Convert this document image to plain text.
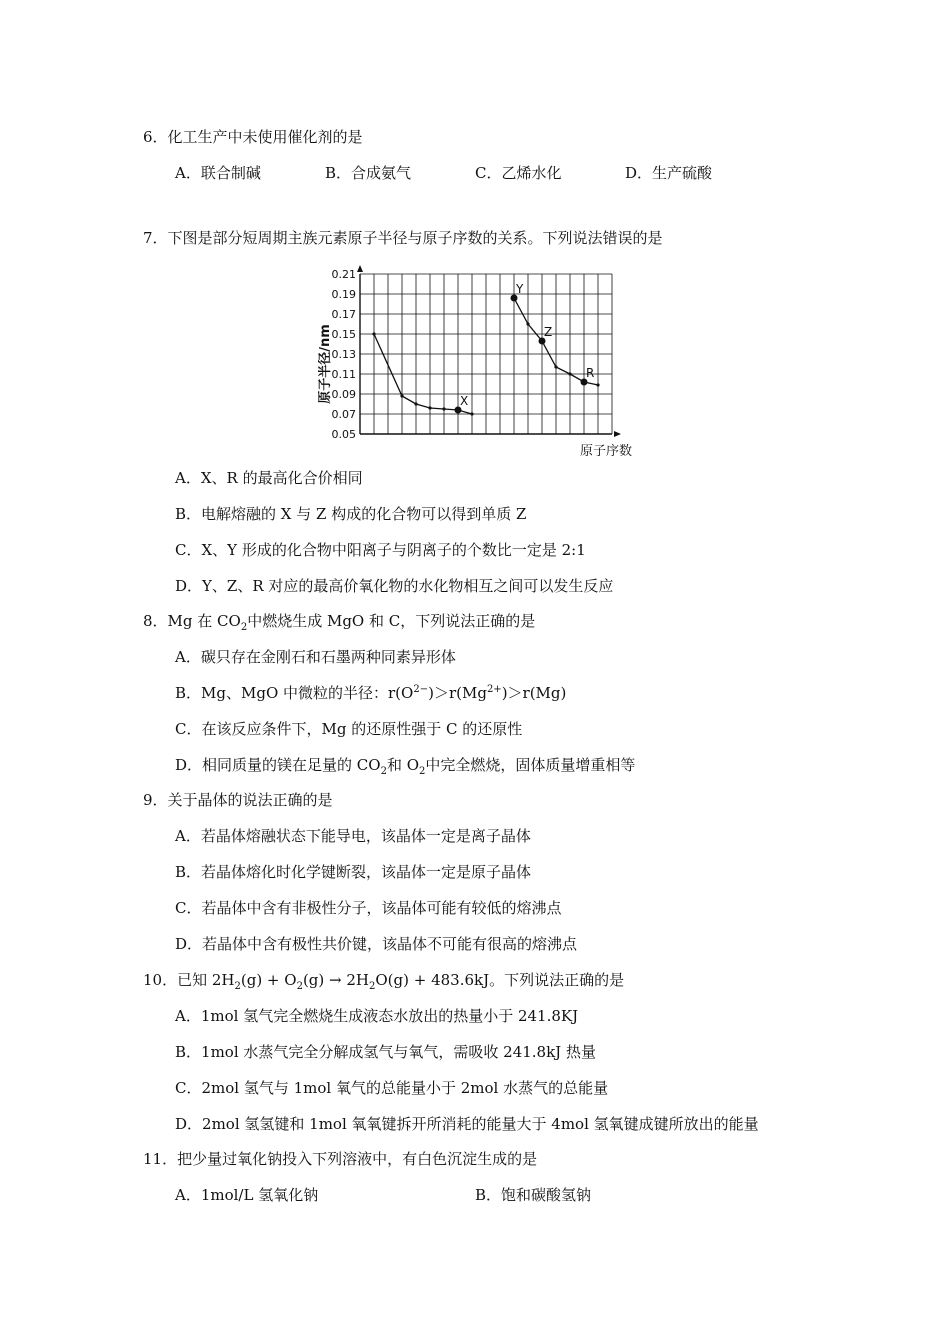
6．化工生产中未使用催化剂的是
A．联合制碱	B．合成氨气	C．乙烯水化	D．生产硫酸
7．下图是部分短周期主族元素原子半径与原子序数的关系。下列说法错误的是
0.21
0.19
0.17
0.15
0.13
0.11
0.09
0.07
0.05
原子半径/nm
原子序数
X
Y
Z
R
A．X、R 的最高化合价相同
B．电解熔融的 X 与 Z 构成的化合物可以得到单质 Z
C．X、Y 形成的化合物中阳离子与阴离子的个数比一定是 2:1
D．Y、Z、R 对应的最高价氧化物的水化物相互之间可以发生反应
8．Mg 在 $CO_2$中燃烧生成 MgO 和 C，下列说法正确的是
A．碳只存在金刚石和石墨两种同素异形体
B．Mg、MgO 中微粒的半径：$r(O^{2-})>r(Mg^{2+})>r(Mg)$
C．在该反应条件下，Mg 的还原性强于 C 的还原性
D．相同质量的镁在足量的 $CO_2$和 $O_2$中完全燃烧，固体质量增重相等
9．关于晶体的说法正确的是
A．若晶体熔融状态下能导电，该晶体一定是离子晶体
B．若晶体熔化时化学键断裂，该晶体一定是原子晶体
C．若晶体中含有非极性分子，该晶体可能有较低的熔沸点
D．若晶体中含有极性共价键，该晶体不可能有很高的熔沸点
10．已知 $2H_2(g) + O_2(g) \to 2H_2O(g) + 483.6kJ$。下列说法正确的是
A．1mol 氢气完全燃烧生成液态水放出的热量小于 241.8KJ
B．1mol 水蒸气完全分解成氢气与氧气，需吸收 241.8kJ 热量
C．2mol 氢气与 1mol 氧气的总能量小于 2mol 水蒸气的总能量
D．2mol 氢氢键和 1mol 氧氧键拆开所消耗的能量大于 4mol 氢氧键成键所放出的能量
11．把少量过氧化钠投入下列溶液中，有白色沉淀生成的是
A．1mol/L 氢氧化钠	B．饱和碳酸氢钠
